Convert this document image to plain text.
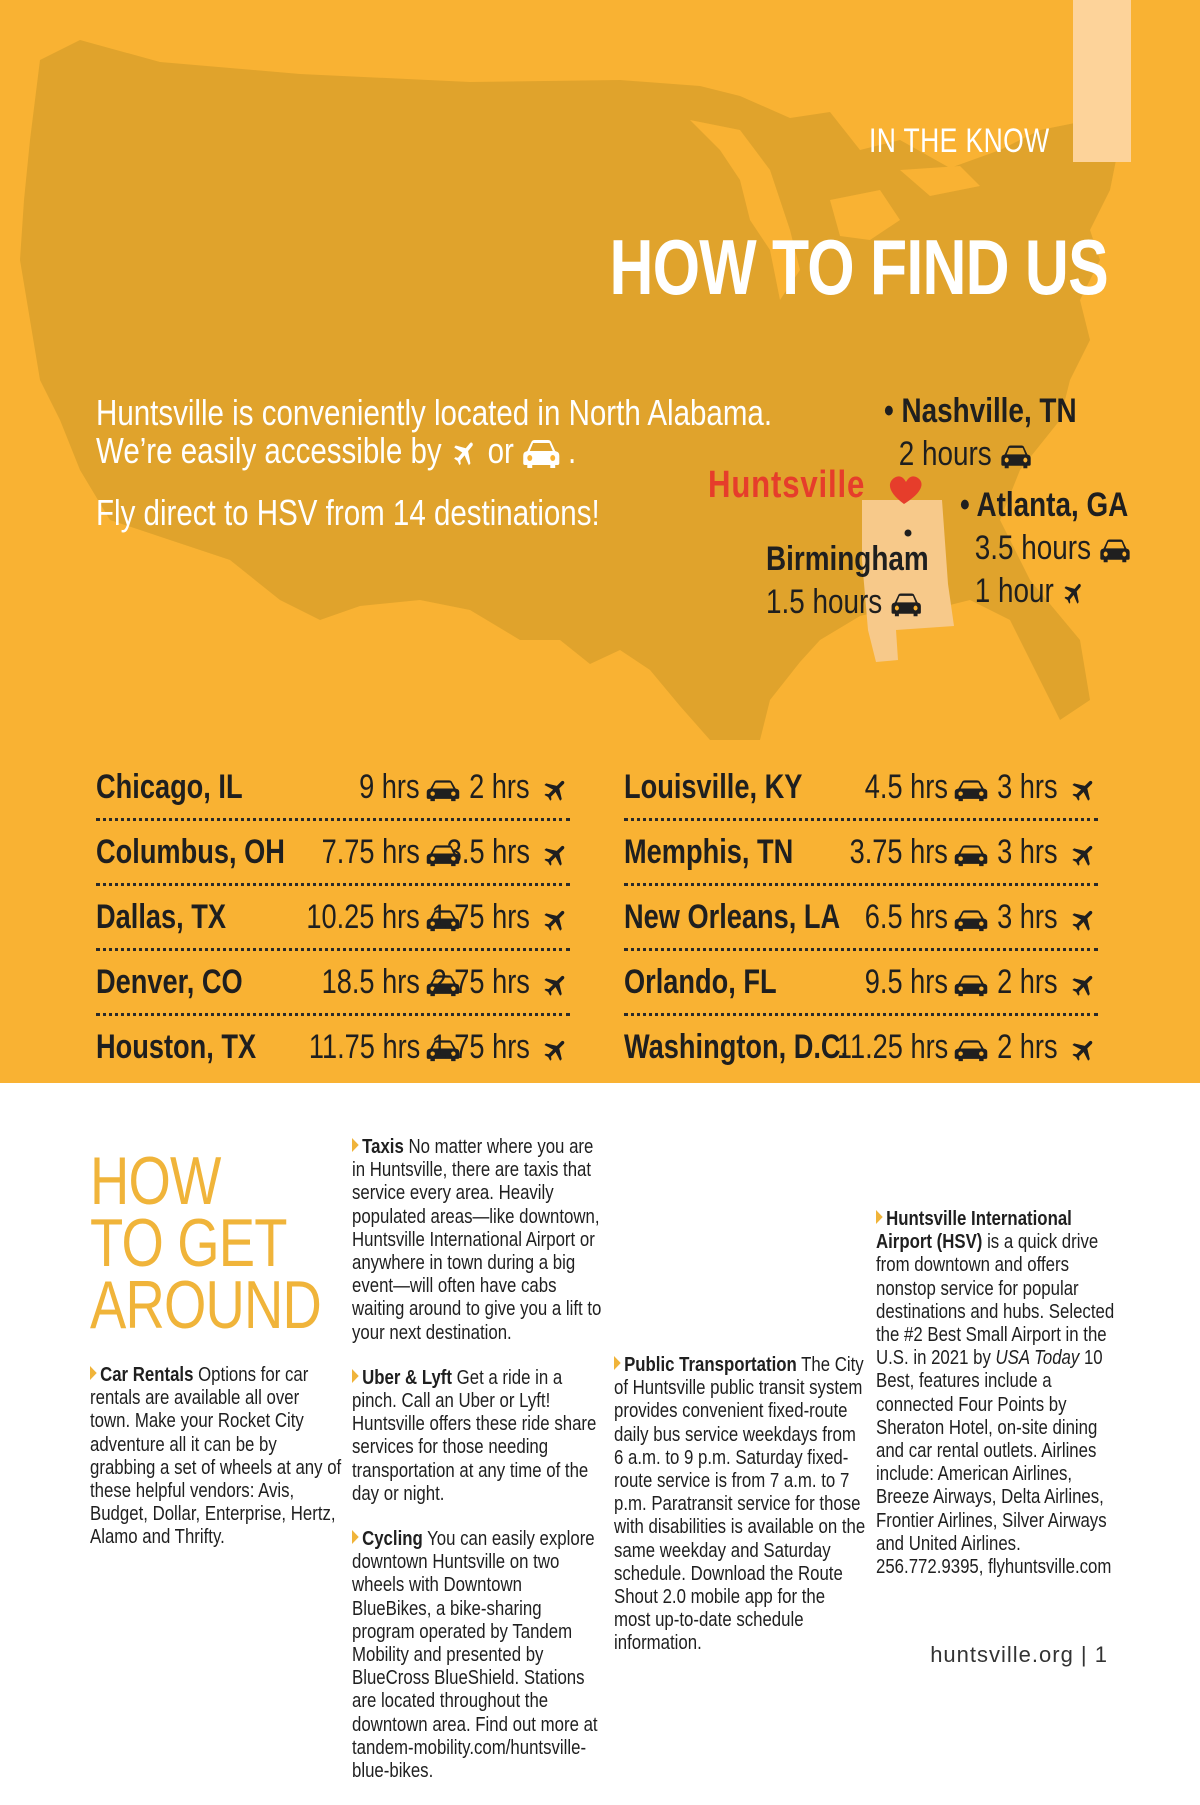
IN THE KNOW
HOW TO FIND US
Huntsville is conveniently located in North Alabama.
We’re easily accessible by or .
Fly direct to HSV from 14 destinations!
Huntsville
• Nashville, TN
2 hours
• Atlanta, GA
3.5 hours
1 hour
Birmingham
1.5 hours
Chicago, IL	9 hrs 2 hrs
Columbus, OH 7.75 hrs 3.5 hrs
Dallas, TX 10.25 hrs 1.75 hrs
Denver, CO 18.5 hrs 2.75 hrs
Houston, TX 11.75 hrs 1.75 hrs
Louisville, KY 4.5 hrs 3 hrs
Memphis, TN 3.75 hrs 3 hrs
New Orleans, LA 6.5 hrs 3 hrs
Orlando, FL	9.5 hrs 2 hrs
Washington, D.C.
11.25 hrs 2 hrs
HOW
TO GET
AROUND

Car Rentals Options for car rentals are available all over town. Make your Rocket City adventure all it can be by grabbing a set of wheels at any of these helpful vendors: Avis, Budget, Dollar, Enterprise, Hertz, Alamo and Thrifty.

Taxis No matter where you are in Huntsville, there are taxis that service every area. Heavily populated areas—like downtown, Huntsville International Airport or anywhere in town during a big event—will often have cabs waiting around to give you a lift to your next destination.

Uber & Lyft Get a ride in a pinch. Call an Uber or Lyft! Huntsville offers these ride share services for those needing transportation at any time of the day or night.

Cycling You can easily explore downtown Huntsville on two wheels with Downtown BlueBikes, a bike-sharing program operated by Tandem Mobility and presented by BlueCross BlueShield. Stations are located throughout the downtown area. Find out more at tandem-mobility.com/huntsville-blue-bikes.

Public Transportation The City of Huntsville public transit system provides convenient fixed-route daily bus service weekdays from 6 a.m. to 9 p.m. Saturday fixed-route service is from 7 a.m. to 7 p.m. Paratransit service for those with disabilities is available on the same weekday and Saturday schedule. Download the Route Shout 2.0 mobile app for the most up-to-date schedule information.

Huntsville International Airport (HSV) is a quick drive from downtown and offers nonstop service for popular destinations and hubs. Selected the #2 Best Small Airport in the U.S. in 2021 by USA Today 10 Best, features include a connected Four Points by Sheraton Hotel, on-site dining and car rental outlets. Airlines include: American Airlines, Breeze Airways, Delta Airlines, Frontier Airlines, Silver Airways and United Airlines. 256.772.9395, flyhuntsville.com

huntsville.org | 1
